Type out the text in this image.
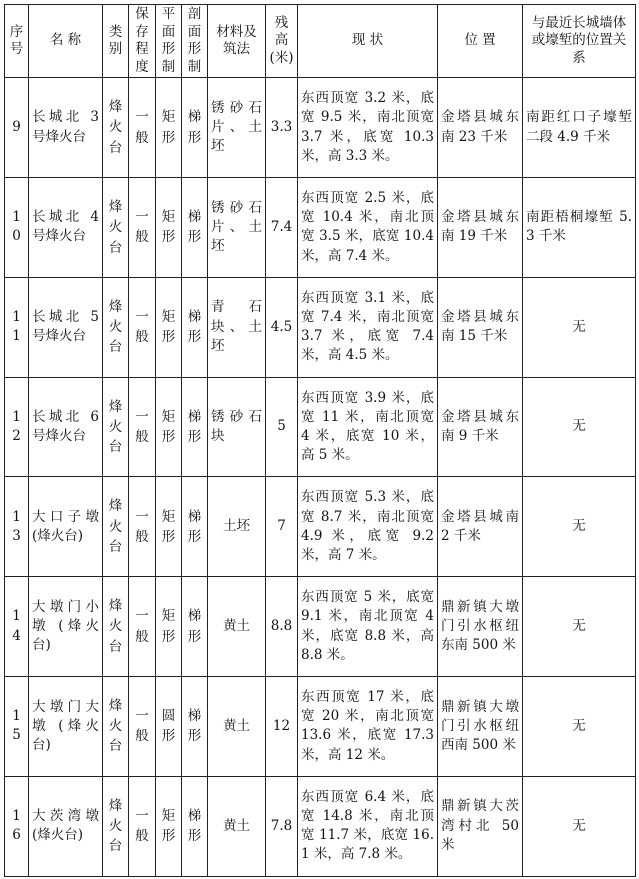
序号	名 称	类别	保存程度	平面形制	剖面形制	材料及筑法	残高(米)	现 状	位 置	与最近长城墙体或壕堑的位置关系
9	长城北 3 号烽火台	烽火台	一般	矩形	梯形	锈砂石片、土坯	3.3	东西顶宽 3.2 米，底宽 9.5 米，南北顶宽 3.7 米，底宽 10.3 米，高 3.3 米。	金塔县城东南 23 千米	南距红口子壕堑二段 4.9 千米
10	长城北 4 号烽火台	烽火台	一般	矩形	梯形	锈砂石片、土坯	7.4	东西顶宽 2.5 米，底宽 10.4 米，南北顶宽 3.5 米，底宽 10.4 米，高 7.4 米。	金塔县城东南 19 千米	南距梧桐壕堑 5.3 千米
11	长城北 5 号烽火台	烽火台	一般	矩形	梯形	青石块、土坯	4.5	东西顶宽 3.1 米，底宽 7.4 米，南北顶宽 3.7 米，底宽 7.4 米，高 4.5 米。	金塔县城东南 15 千米	无
12	长城北 6 号烽火台	烽火台	一般	矩形	梯形	锈砂石块	5	东西顶宽 3.9 米，底宽 11 米，南北顶宽 4 米，底宽 10 米，高 5 米。	金塔县城东南 9 千米	无
13	大口子墩 (烽火台)	烽火台	一般	矩形	梯形	土坯	7	东西顶宽 5.3 米，底宽 8.7 米，南北顶宽 4.9 米，底宽 9.2 米，高 7 米。	金塔县城南 2 千米	无
14	大墩门小墩 (烽火台)	烽火台	一般	矩形	梯形	黄土	8.8	东西顶宽 5 米，底宽 9.1 米，南北顶宽 4 米，底宽 8.8 米，高 8.8 米。	鼎新镇大墩门引水枢纽东南 500 米	无
15	大墩门大墩 (烽火台)	烽火台	一般	圆形	梯形	黄土	12	东西顶宽 17 米，底宽 20 米，南北顶宽 13.6 米，底宽 17.3 米，高 12 米。	鼎新镇大墩门引水枢纽西南 500 米	无
16	大茨湾墩 (烽火台)	烽火台	一般	矩形	梯形	黄土	7.8	东西顶宽 6.4 米，底宽 14.8 米，南北顶宽 11.7 米，底宽 16.1 米，高 7.8 米。	鼎新镇大茨湾村北 50 米	无
